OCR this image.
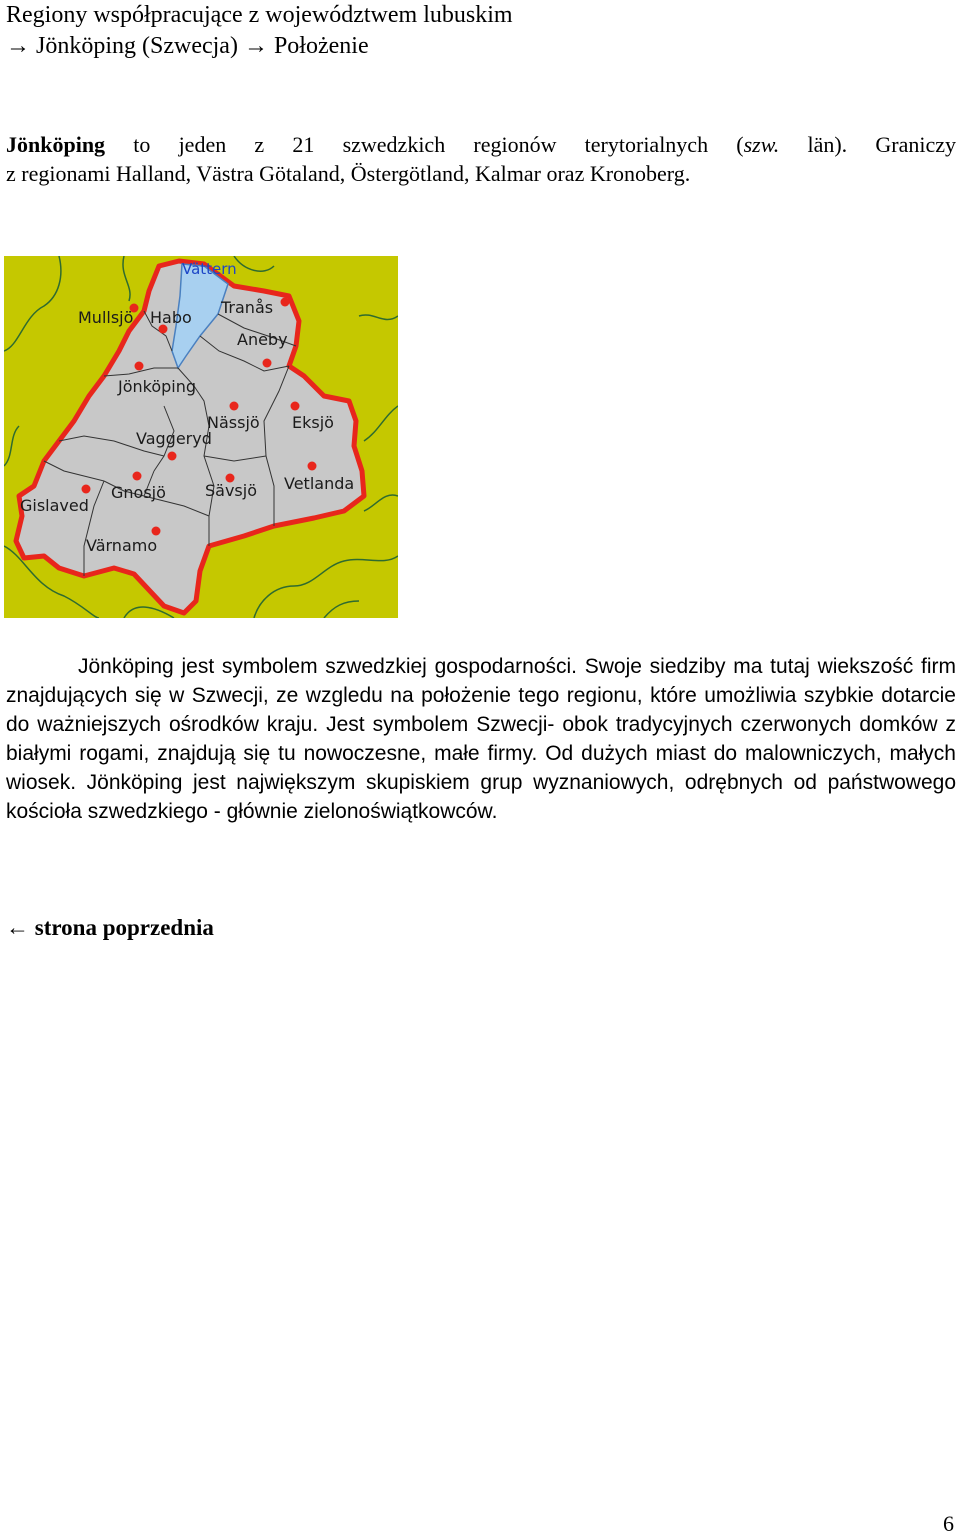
Regiony współpracujące z województwem lubuskim
→ Jönköping (Szwecja) → Położenie
Jönköping to jeden z 21 szwedzkich regionów terytorialnych (szw. län). Graniczy
z regionami Halland, Västra Götaland, Östergötland, Kalmar oraz Kronoberg.
Vättern
Mullsjö Habo
Tranås
Aneby
Jönköping
Nässjö Eksjö
Vaggeryd
Gnosjö Sävsjö Vetlanda
Gislaved
Värnamo
Jönköping jest symbolem szwedzkiej gospodarności. Swoje siedziby ma tutaj wiekszość firm znajdujących się w Szwecji, ze wzgledu na położenie tego regionu, które umożliwia szybkie dotarcie do ważniejszych ośrodków kraju. Jest symbolem Szwecji- obok tradycyjnych czerwonych domków z białymi rogami, znajdują się tu nowoczesne, małe firmy. Od dużych miast do malowniczych, małych wiosek. Jönköping jest największym skupiskiem grup wyznaniowych, odrębnych od państwowego kościoła szwedzkiego - głównie zielonoświątkowców.
← strona poprzednia
6
